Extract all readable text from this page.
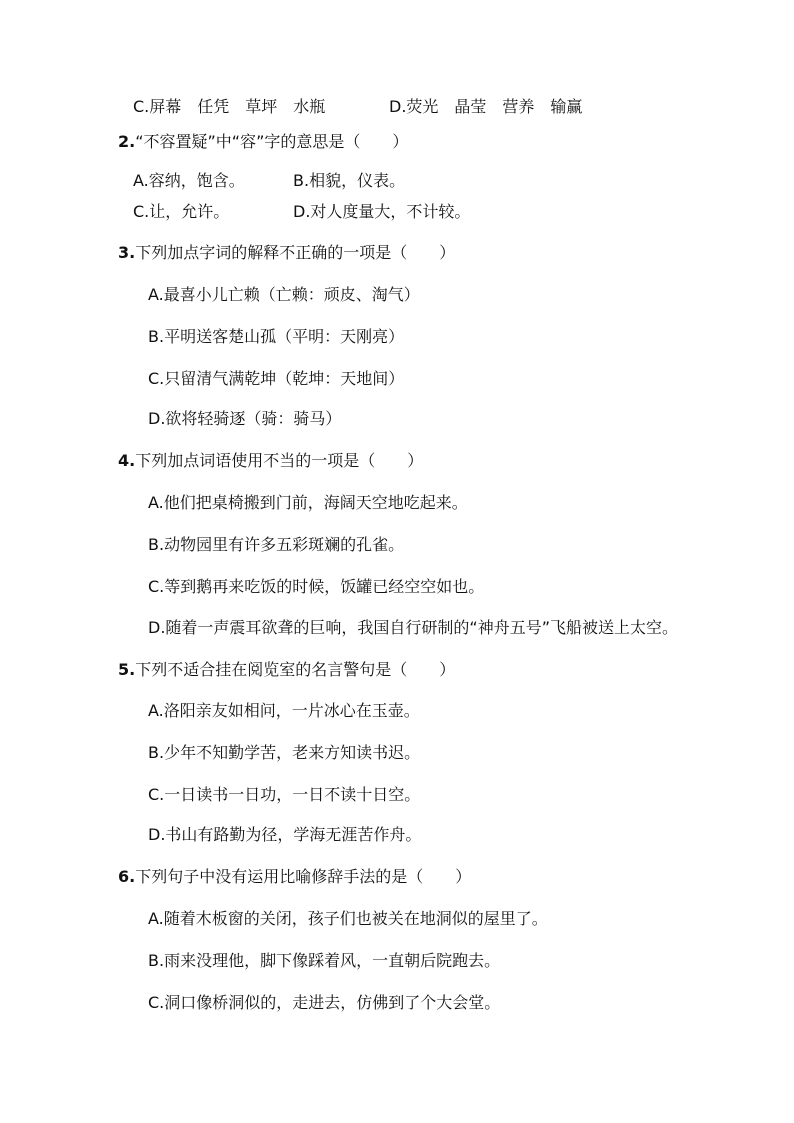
C.屏幕　任凭　草坪　水瓶	D.荧光　晶莹　营养　输赢
2.“不容置疑”中“容”字的意思是（　　）
A.容纳，饱含。	B.相貌，仪表。
C.让，允许。	D.对人度量大，不计较。
3.下列加点字词的解释不正确的一项是（　　）
A.最喜小儿亡赖（亡赖：顽皮、淘气）
B.平明送客楚山孤（平明：天刚亮）
C.只留清气满乾坤（乾坤：天地间）
D.欲将轻骑逐（骑：骑马）
4.下列加点词语使用不当的一项是（　　）
A.他们把桌椅搬到门前，海阔天空地吃起来。
B.动物园里有许多五彩斑斓的孔雀。
C.等到鹅再来吃饭的时候，饭罐已经空空如也。
D.随着一声震耳欲聋的巨响，我国自行研制的“神舟五号”飞船被送上太空。
5.下列不适合挂在阅览室的名言警句是（　　）
A.洛阳亲友如相问，一片冰心在玉壶。
B.少年不知勤学苦，老来方知读书迟。
C.一日读书一日功，一日不读十日空。
D.书山有路勤为径，学海无涯苦作舟。
6.下列句子中没有运用比喻修辞手法的是（　　）
A.随着木板窗的关闭，孩子们也被关在地洞似的屋里了。
B.雨来没理他，脚下像踩着风，一直朝后院跑去。
C.洞口像桥洞似的，走进去，仿佛到了个大会堂。
